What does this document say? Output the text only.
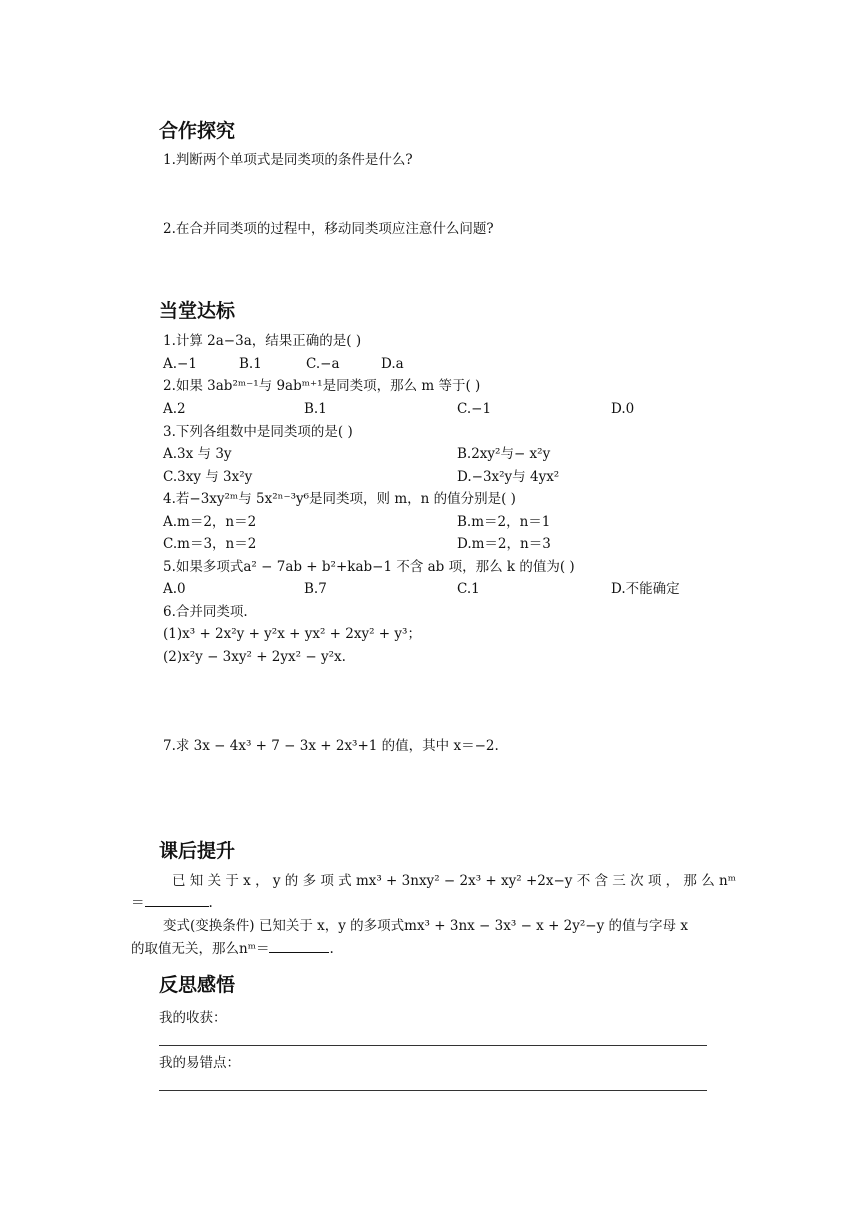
合作探究
1.判断两个单项式是同类项的条件是什么?
2.在合并同类项的过程中，移动同类项应注意什么问题?
当堂达标
1.计算 2a−3a，结果正确的是( )
A.−1	B.1	C.−a	D.a
2.如果 3ab²ᵐ⁻¹与 9abᵐ⁺¹是同类项，那么 m 等于( )
A.2	B.1	C.−1	D.0
3.下列各组数中是同类项的是( )
A.3x 与 3y	B.2xy²与− x²y
C.3xy 与 3x²y	D.−3x²y与 4yx²
4.若−3xy²ᵐ与 5x²ⁿ⁻³y⁶是同类项，则 m，n 的值分别是( )
A.m＝2，n＝2	B.m＝2，n＝1
C.m＝3，n＝2	D.m＝2，n＝3
5.如果多项式a² − 7ab + b²+kab−1 不含 ab 项，那么 k 的值为( )
A.0	B.7	C.1	D.不能确定
6.合并同类项.
(1)x³ + 2x²y + y²x + yx² + 2xy² + y³；
(2)x²y − 3xy² + 2yx² − y²x.
7.求 3x − 4x³ + 7 − 3x + 2x³+1 的值，其中 x＝−2.
课后提升
已 知 关 于 x ， y 的 多 项 式 mx³ + 3nxy² − 2x³ + xy² +2x−y 不 含 三 次 项 ， 那 么 nᵐ
＝	.
变式(变换条件) 已知关于 x，y 的多项式mx³ + 3nx − 3x³ − x + 2y²−y 的值与字母 x
的取值无关，那么nᵐ＝	.
反思感悟
我的收获：
我的易错点：
